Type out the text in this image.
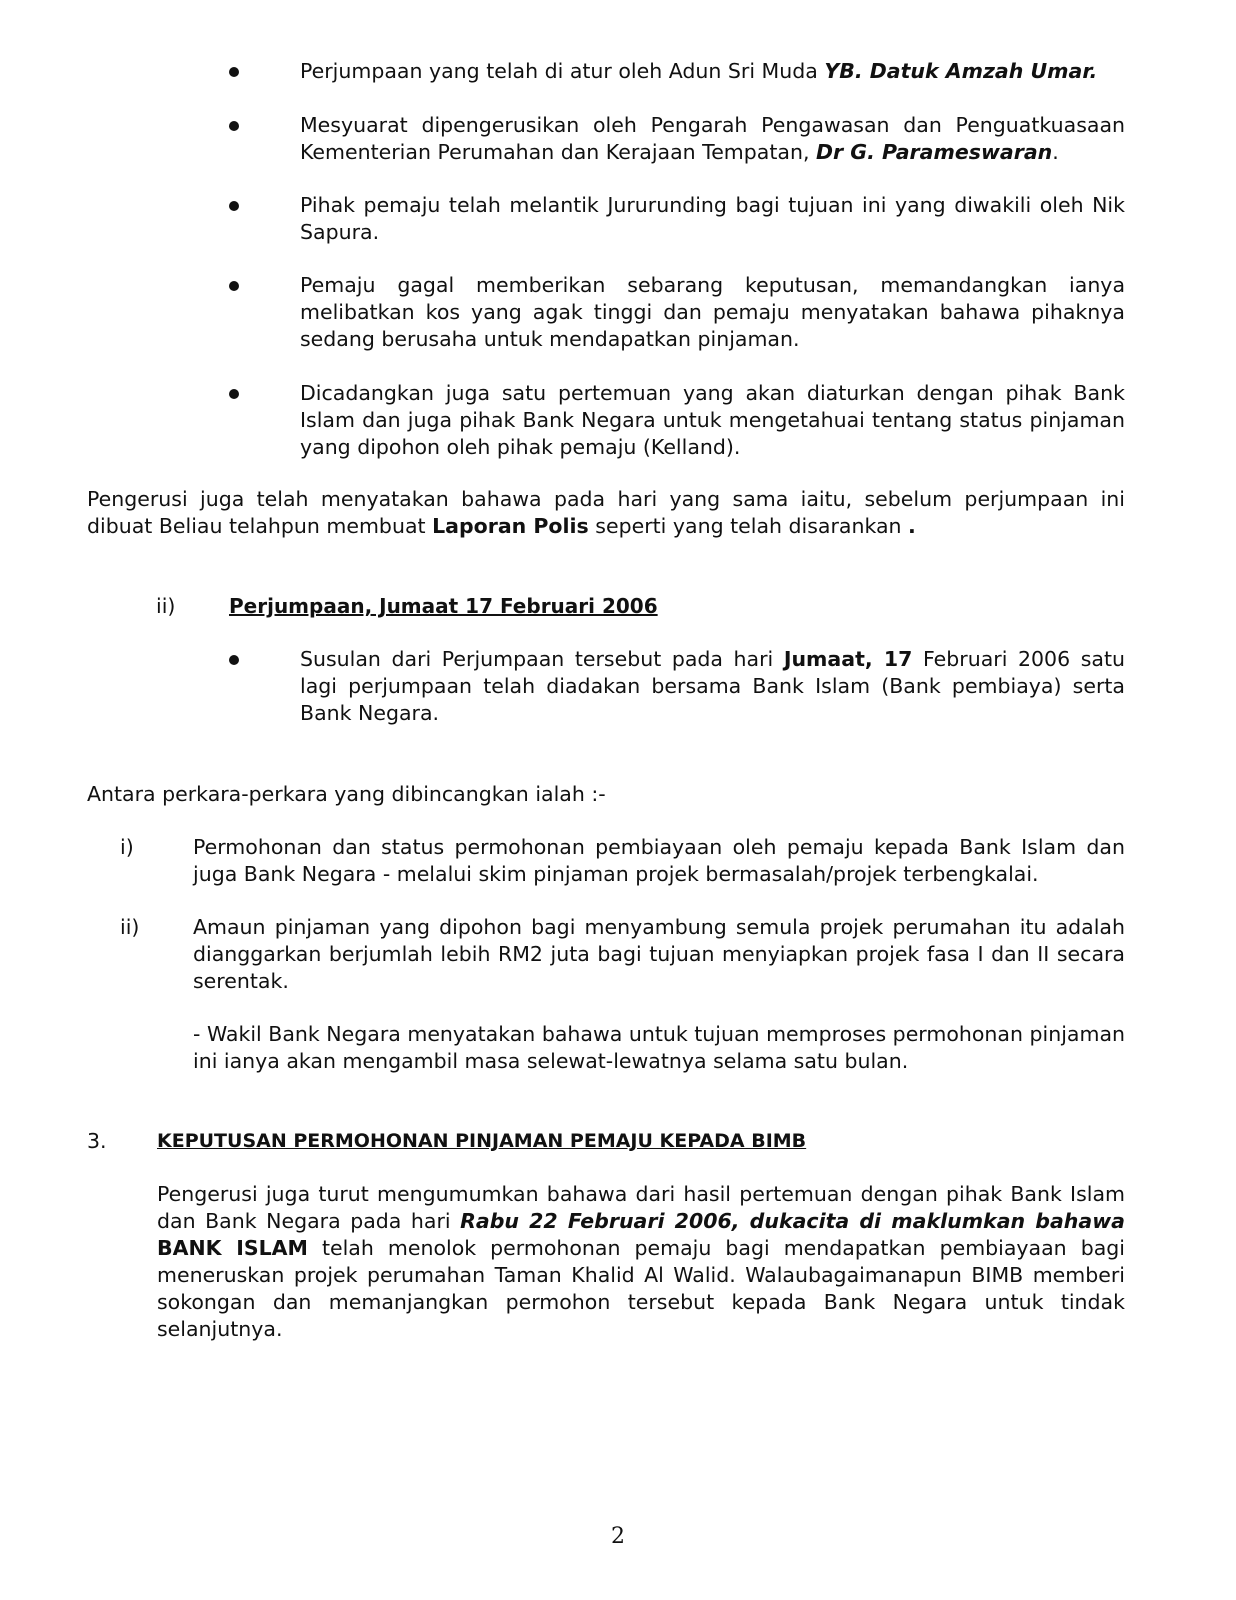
Perjumpaan yang telah di atur oleh Adun Sri Muda YB. Datuk Amzah Umar.
Mesyuarat dipengerusikan oleh Pengarah Pengawasan dan Penguatkuasaan Kementerian Perumahan dan Kerajaan Tempatan, Dr G. Parameswaran.
Pihak pemaju telah melantik Jururunding bagi tujuan ini yang diwakili oleh Nik Sapura.
Pemaju gagal memberikan sebarang keputusan, memandangkan ianya melibatkan kos yang agak tinggi dan pemaju menyatakan bahawa pihaknya sedang berusaha untuk mendapatkan pinjaman.
Dicadangkan juga satu pertemuan yang akan diaturkan dengan pihak Bank Islam dan juga pihak Bank Negara untuk mengetahuai tentang status pinjaman yang dipohon oleh pihak pemaju (Kelland).
Pengerusi juga telah menyatakan bahawa pada hari yang sama iaitu, sebelum perjumpaan ini dibuat Beliau telahpun membuat Laporan Polis seperti yang telah disarankan .
ii)	Perjumpaan, Jumaat 17 Februari 2006
Susulan dari Perjumpaan tersebut pada hari Jumaat, 17 Februari 2006 satu lagi perjumpaan telah diadakan bersama Bank Islam (Bank pembiaya) serta Bank Negara.
Antara perkara-perkara yang dibincangkan ialah :-
i)	Permohonan dan status permohonan pembiayaan oleh pemaju kepada Bank Islam dan juga Bank Negara - melalui skim pinjaman projek bermasalah/projek terbengkalai.
ii)	Amaun pinjaman yang dipohon bagi menyambung semula projek perumahan itu adalah dianggarkan berjumlah lebih RM2 juta bagi tujuan menyiapkan projek fasa I dan II secara serentak.
- Wakil Bank Negara menyatakan bahawa untuk tujuan memproses permohonan pinjaman ini ianya akan mengambil masa selewat-lewatnya selama satu bulan.
3.	KEPUTUSAN PERMOHONAN PINJAMAN PEMAJU KEPADA BIMB
Pengerusi juga turut mengumumkan bahawa dari hasil pertemuan dengan pihak Bank Islam dan Bank Negara pada hari Rabu 22 Februari 2006, dukacita di maklumkan bahawa BANK ISLAM telah menolok permohonan pemaju bagi mendapatkan pembiayaan bagi meneruskan projek perumahan Taman Khalid Al Walid. Walaubagaimanapun BIMB memberi sokongan dan memanjangkan permohon tersebut kepada Bank Negara untuk tindak selanjutnya.
2
